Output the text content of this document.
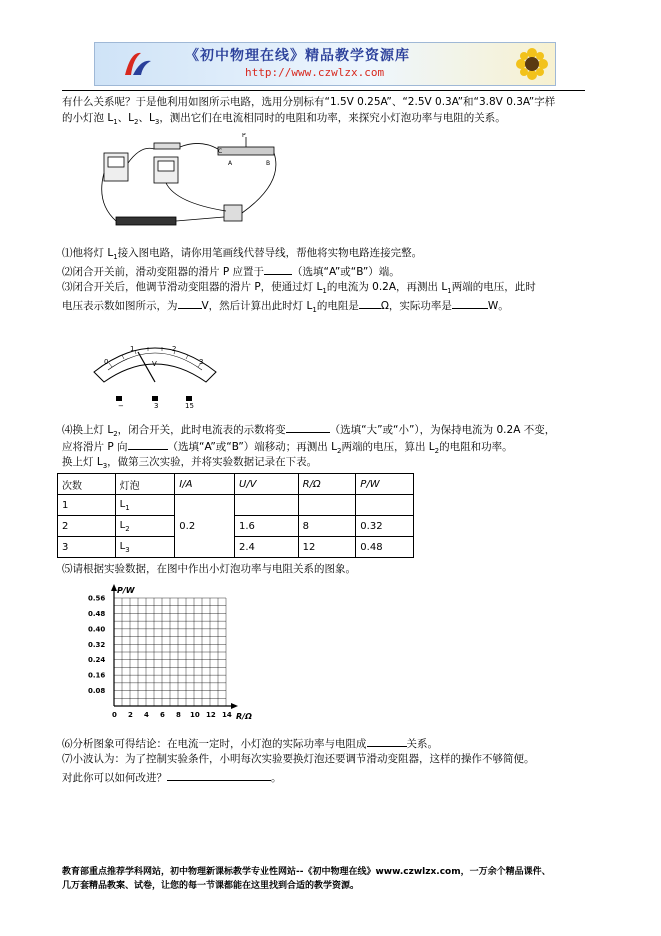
《初中物理在线》精品教学资源库
http://www.czwlzx.com
有什么关系呢？于是他利用如图所示电路，选用分别标有“1.5V 0.25A”、“2.5V 0.3A”和“3.8V 0.3A”字样
的小灯泡 $L_1$、$L_2$、$L_3$，测出它们在电流相同时的电阻和功率，来探究小灯泡功率与电阻的关系。
C
P
A	B
⑴他将灯 $L_1$接入图电路，请你用笔画线代替导线，帮他将实物电路连接完整。
⑵闭合开关前，滑动变阻器的滑片 P 应置于	（选填“A”或“B”）端。
⑶闭合开关后，他调节滑动变阻器的滑片 P，使通过灯 $L_1$的电流为 0.2A，再测出 $L_1$两端的电压，此时
电压表示数如图所示，为 V，然后计算出此时灯 $L_1$的电阻是 Ω，实际功率是	W。
0
1	2
3
V
−	3	15
⑷换上灯 $L_2$，闭合开关，此时电流表的示数将变	（选填“大”或“小”），为保持电流为 0.2A 不变，
应将滑片 P 向	（选填“A”或“B”）端移动；再测出 $L_2$两端的电压，算出 $L_2$的电阻和功率。
换上灯 $L_3$，做第三次实验，并将实验数据记录在下表。
次数	灯泡	I/A	U/V	R/Ω	P/W
1	$L_1$	0.2			
2	$L_2$		1.6	8	0.32
3	$L_3$		2.4	12	0.48
⑸请根据实验数据，在图中作出小灯泡功率与电阻关系的图象。
0.56
0.48
0.40
0.32
0.24
0.16
0.08
0 2 4 6 8 10 12 14
P/W
R/Ω
⑹分析图象可得结论：在电流一定时，小灯泡的实际功率与电阻成	关系。
⑺小波认为：为了控制实验条件，小明每次实验要换灯泡还要调节滑动变阻器，这样的操作不够简便。
对此你可以如何改进？	。
教育部重点推荐学科网站，初中物理新课标教学专业性网站--《初中物理在线》www.czwlzx.com，一万余个精品课件、
几万套精品教案、试卷，让您的每一节课都能在这里找到合适的教学资源。
